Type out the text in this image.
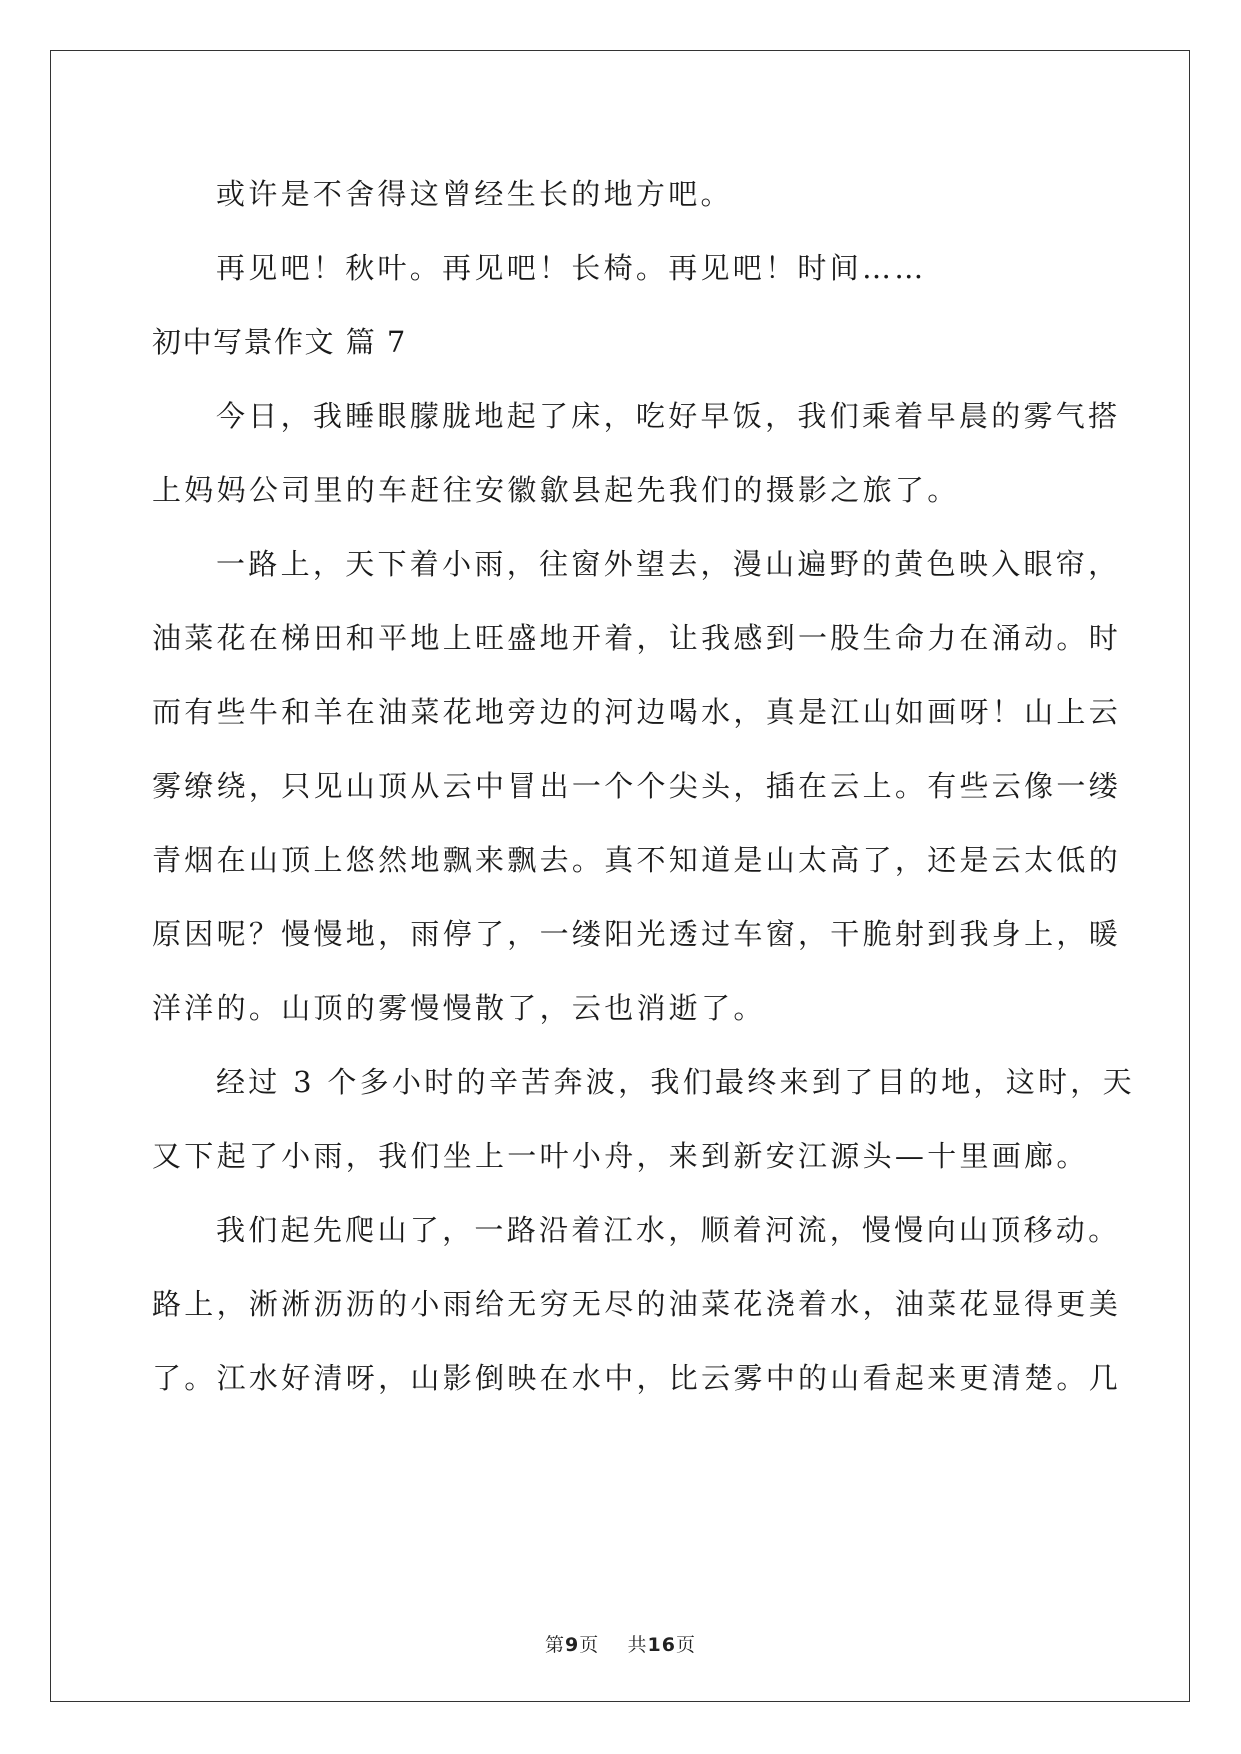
或许是不舍得这曾经生长的地方吧。

再见吧！秋叶。再见吧！长椅。再见吧！时间……

初中写景作文 篇 7

今日，我睡眼朦胧地起了床，吃好早饭，我们乘着早晨的雾气搭

上妈妈公司里的车赶往安徽歙县起先我们的摄影之旅了。

一路上，天下着小雨，往窗外望去，漫山遍野的黄色映入眼帘，

油菜花在梯田和平地上旺盛地开着，让我感到一股生命力在涌动。时

而有些牛和羊在油菜花地旁边的河边喝水，真是江山如画呀！山上云

雾缭绕，只见山顶从云中冒出一个个尖头，插在云上。有些云像一缕

青烟在山顶上悠然地飘来飘去。真不知道是山太高了，还是云太低的

原因呢？慢慢地，雨停了，一缕阳光透过车窗，干脆射到我身上，暖

洋洋的。山顶的雾慢慢散了，云也消逝了。

经过 3 个多小时的辛苦奔波，我们最终来到了目的地，这时，天

又下起了小雨，我们坐上一叶小舟，来到新安江源头—十里画廊。

我们起先爬山了，一路沿着江水，顺着河流，慢慢向山顶移动。

路上，淅淅沥沥的小雨给无穷无尽的油菜花浇着水，油菜花显得更美

了。江水好清呀，山影倒映在水中，比云雾中的山看起来更清楚。几

第9页 共16页
